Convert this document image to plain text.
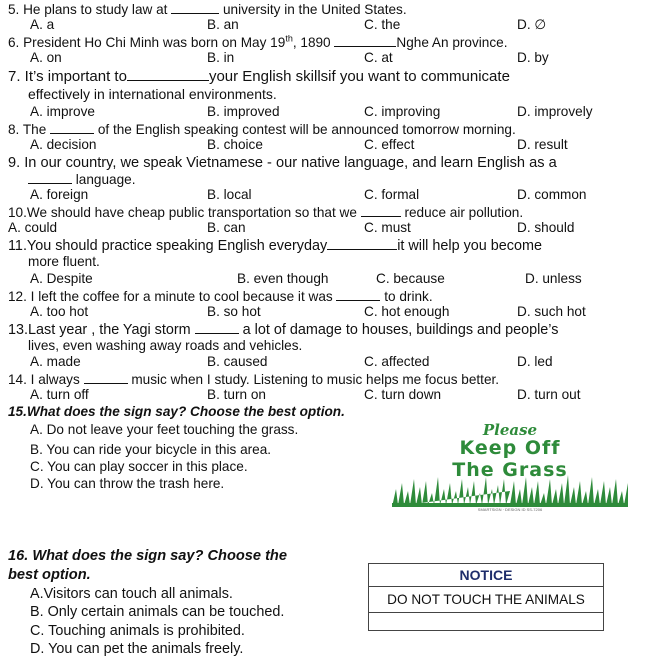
5. He plans to study law at	university in the United States.
A. a	B. an	C. the	D. ∅
6. President Ho Chi Minh was born on May 19th, 1890	Nghe An province.
A. on	B. in	C. at	D. by
7. It’s important to	your English skillsif you want to communicate
effectively in international environments.
A. improve	B. improved	C. improving	D. improvely
8. The	of the English speaking contest will be announced tomorrow morning.
A. decision	B. choice	C. effect	D. result
9. In our country, we speak Vietnamese - our native language, and learn English as a
language.
A. foreign	B. local	C. formal	D. common
10.We should have cheap public transportation so that we	reduce air pollution.
A. could	B. can	C. must	D. should
11.You should practice speaking English everyday	it will help you become
more fluent.
A. Despite	B. even though	C. because	D. unless
12. I left the coffee for a minute to cool because it was	to drink.
A. too hot	B. so hot	C. hot enough	D. such hot
13.Last year , the Yagi storm	a lot of damage to houses, buildings and people’s
lives, even washing away roads and vehicles.
A. made	B. caused	C. affected	D. led
14. I always	music when I study. Listening to music helps me focus better.
A. turn off	B. turn on	C. turn down	D. turn out
15.What does the sign say? Choose the best option.
A. Do not leave your feet touching the grass.
B. You can ride your bicycle in this area.
C. You can play soccer in this place.
D. You can throw the trash here.
Please
Keep Off
The Grass
SMARTSIGN · DESIGN ID SS-7206
16. What does the sign say? Choose the
best option.
A.Visitors can touch all animals.
B. Only certain animals can be touched.
C. Touching animals is prohibited.
D. You can pet the animals freely.
NOTICE
DO NOT TOUCH THE ANIMALS
